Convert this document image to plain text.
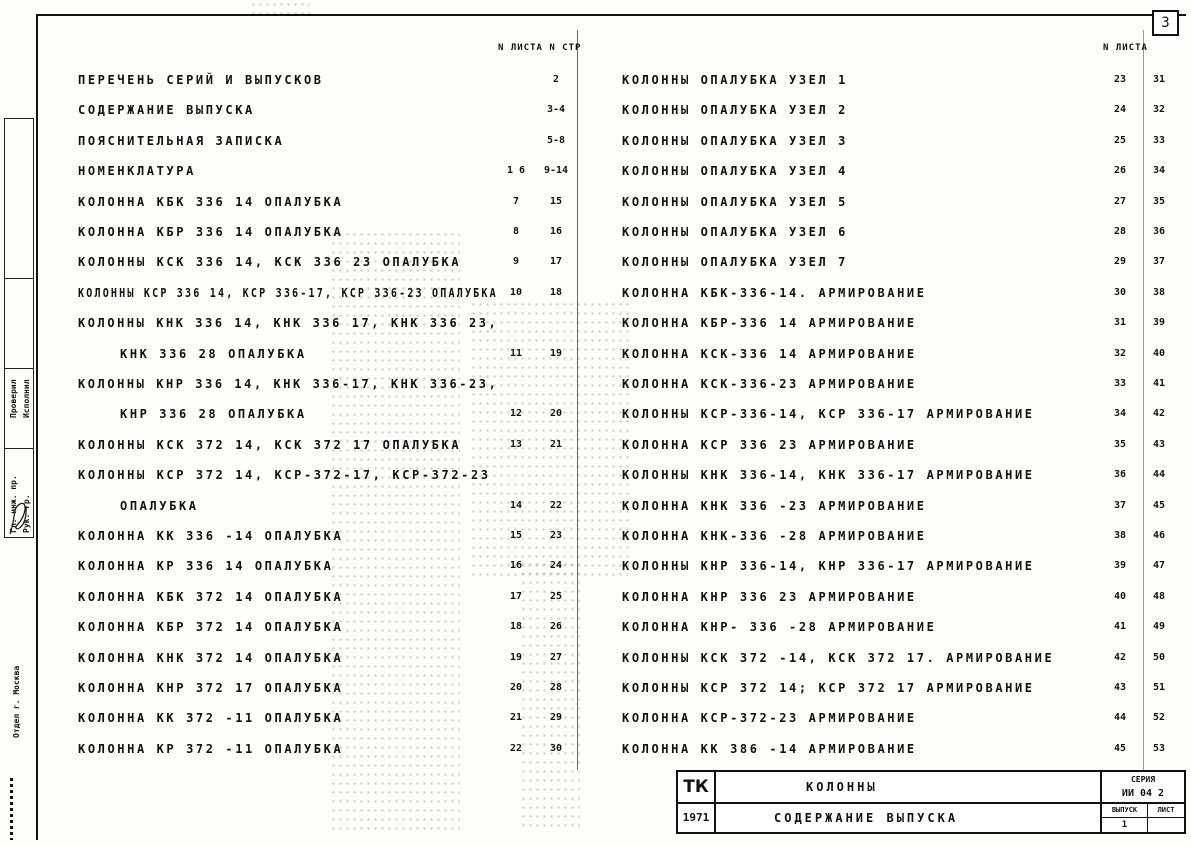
3
N ЛИСТА N СТР	N ЛИСТА
ПЕРЕЧЕНЬ СЕРИЙ И ВЫПУСКОВ	2
СОДЕРЖАНИЕ ВЫПУСКА	3-4
ПОЯСНИТЕЛЬНАЯ ЗАПИСКА	5-8
НОМЕНКЛАТУРА	1 6	9-14
КОЛОННА КБК 336 14 ОПАЛУБКА	7	15
КОЛОННА КБР 336 14 ОПАЛУБКА	8	16
КОЛОННЫ КСК 336 14, КСК 336 23 ОПАЛУБКА	9	17
КОЛОННЫ КСР 336 14, КСР 336-17, КСР 336-23 ОПАЛУБКА	10	18
КОЛОННЫ КНК 336 14, КНК 336 17, КНК 336 23,
КНК 336 28 ОПАЛУБКА	11	19
КОЛОННЫ КНР 336 14, КНК 336-17, КНК 336-23,
КНР 336 28 ОПАЛУБКА	12	20
КОЛОННЫ КСК 372 14, КСК 372 17 ОПАЛУБКА	13	21
КОЛОННЫ КСР 372 14, КСР-372-17, КСР-372-23
ОПАЛУБКА	14	22
КОЛОННА КК 336 -14 ОПАЛУБКА	15	23
КОЛОННА КР 336 14 ОПАЛУБКА	16	24
КОЛОННА КБК 372 14 ОПАЛУБКА	17	25
КОЛОННА КБР 372 14 ОПАЛУБКА	18	26
КОЛОННА КНК 372 14 ОПАЛУБКА	19	27
КОЛОННА КНР 372 17 ОПАЛУБКА	20	28
КОЛОННА КК 372 -11 ОПАЛУБКА	21	29
КОЛОННА КР 372 -11 ОПАЛУБКА	22	30
КОЛОННЫ ОПАЛУБКА УЗЕЛ 1	23	31
КОЛОННЫ ОПАЛУБКА УЗЕЛ 2	24	32
КОЛОННЫ ОПАЛУБКА УЗЕЛ 3	25	33
КОЛОННЫ ОПАЛУБКА УЗЕЛ 4	26	34
КОЛОННЫ ОПАЛУБКА УЗЕЛ 5	27	35
КОЛОННЫ ОПАЛУБКА УЗЕЛ 6	28	36
КОЛОННЫ ОПАЛУБКА УЗЕЛ 7	29	37
КОЛОННА КБК-336-14. АРМИРОВАНИЕ	30	38
КОЛОННА КБР-336 14 АРМИРОВАНИЕ	31	39
КОЛОННА КСК-336 14 АРМИРОВАНИЕ	32	40
КОЛОННА КСК-336-23 АРМИРОВАНИЕ	33	41
КОЛОННЫ КСР-336-14, КСР 336-17 АРМИРОВАНИЕ	34	42
КОЛОННА КСР 336 23 АРМИРОВАНИЕ	35	43
КОЛОННЫ КНК 336-14, КНК 336-17 АРМИРОВАНИЕ	36	44
КОЛОННА КНК 336 -23 АРМИРОВАНИЕ	37	45
КОЛОННА КНК-336 -28 АРМИРОВАНИЕ	38	46
КОЛОННЫ КНР 336-14, КНР 336-17 АРМИРОВАНИЕ	39	47
КОЛОННА КНР 336 23 АРМИРОВАНИЕ	40	48
КОЛОННА КНР- 336 -28 АРМИРОВАНИЕ	41	49
КОЛОННЫ КСК 372 -14, КСК 372 17. АРМИРОВАНИЕ	42	50
КОЛОННЫ КСР 372 14; КСР 372 17 АРМИРОВАНИЕ	43	51
КОЛОННА КСР-372-23 АРМИРОВАНИЕ	44	52
КОЛОННА КК 386 -14 АРМИРОВАНИЕ	45	53
Гл. инж. пр. Рук. гр.
Проверил Исполнил
Отдел г. Москва
ТК
1971
КОЛОННЫ
СОДЕРЖАНИЕ ВЫПУСКА
СЕРИЯ
ИИ 04 2
ВЫПУСК	ЛИСТ
1
